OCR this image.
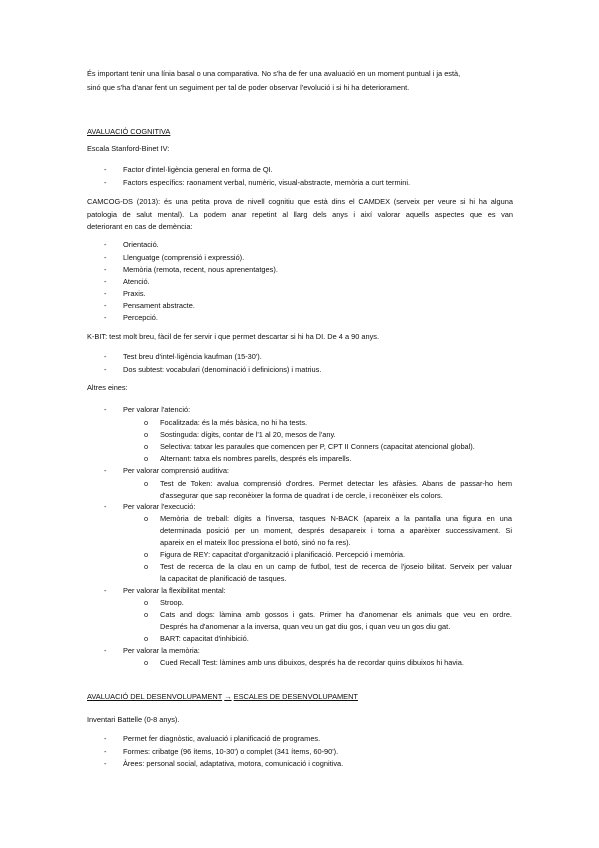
És important tenir una línia basal o una comparativa. No s'ha de fer una avaluació en un moment puntual i ja està,
sinó que s'ha d'anar fent un seguiment per tal de poder observar l'evolució i si hi ha deteriorament.
AVALUACIÓ COGNITIVA
Escala Stanford-Binet IV:
- Factor d'intel·ligència general en forma de QI.
- Factors específics: raonament verbal, numèric, visual-abstracte, memòria a curt termini.
CAMCOG-DS (2013): és una petita prova de nivell cognitiu que està dins el CAMDEX (serveix per veure si hi ha alguna
patologia de salut mental). La podem anar repetint al llarg dels anys i així valorar aquells aspectes que es van
deteriorant en cas de demència:
- Orientació.
- Llenguatge (comprensió i expressió).
- Memòria (remota, recent, nous aprenentatges).
- Atenció.
- Praxis.
- Pensament abstracte.
- Percepció.
K-BIT: test molt breu, fàcil de fer servir i que permet descartar si hi ha DI. De 4 a 90 anys.
- Test breu d'intel·ligència kaufman (15-30').
- Dos subtest: vocabulari (denominació i definicions) i matrius.
Altres eines:
- Per valorar l'atenció:
o Focalitzada: és la més bàsica, no hi ha tests.
o Sostinguda: dígits, contar de l'1 al 20, mesos de l'any.
o Selectiva: tatxar les paraules que comencen per P, CPT II Conners (capacitat atencional global).
o Alternant: tatxa els nombres parells, després els imparells.
- Per valorar comprensió auditiva:
o Test de Token: avalua comprensió d'ordres. Permet detectar les afàsies. Abans de passar-ho hem
d'assegurar que sap reconèixer la forma de quadrat i de cercle, i reconèixer els colors.
- Per valorar l'execució:
o Memòria de treball: dígits a l'inversa, tasques N-BACK (apareix a la pantalla una figura en una
determinada posició per un moment, després desapareix i torna a aparèixer successivament. Si
apareix en el mateix lloc pressiona el botó, sinó no fa res).
o Figura de REY: capacitat d'organització i planificació. Percepció i memòria.
o Test de recerca de la clau en un camp de futbol, test de recerca de l'joseio bilitat. Serveix per valuar
la capacitat de planificació de tasques.
- Per valorar la flexibilitat mental:
o Stroop.
o Cats and dogs: làmina amb gossos i gats. Primer ha d'anomenar els animals que veu en ordre.
Després ha d'anomenar a la inversa, quan veu un gat diu gos, i quan veu un gos diu gat.
o BART: capacitat d'inhibició.
- Per valorar la memòria:
o Cued Recall Test: làmines amb uns dibuixos, després ha de recordar quins dibuixos hi havia.
AVALUACIÓ DEL DESENVOLUPAMENT → ESCALES DE DESENVOLUPAMENT
Inventari Battelle (0-8 anys).
- Permet fer diagnòstic, avaluació i planificació de programes.
- Formes: cribatge (96 ítems, 10-30') o complet (341 ítems, 60-90').
- Àrees: personal social, adaptativa, motora, comunicació i cognitiva.
